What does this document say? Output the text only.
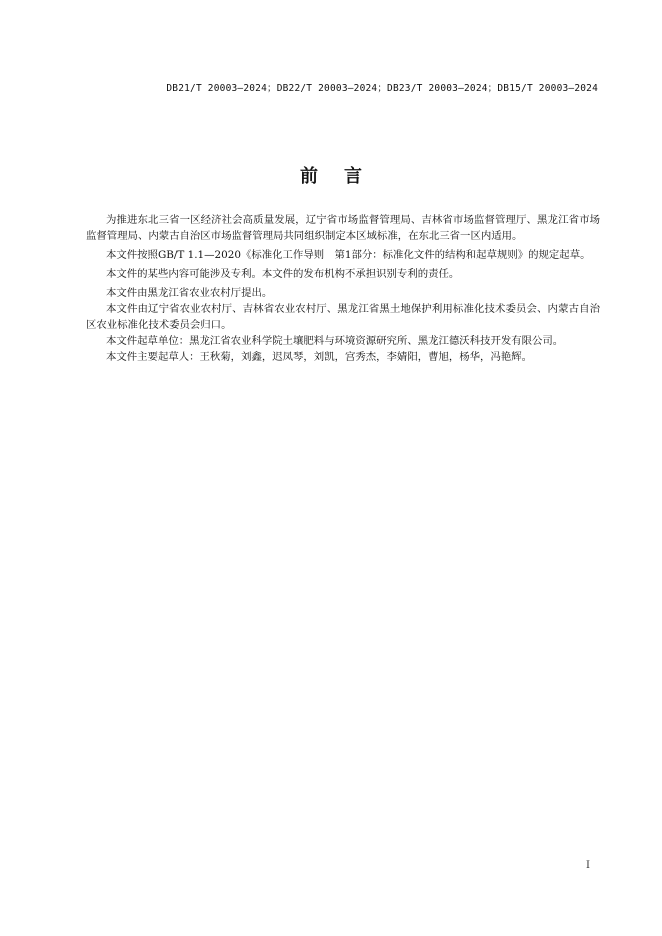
DB21/T 20003—2024；DB22/T 20003—2024；DB23/T 20003—2024；DB15/T 20003—2024
前言

为推进东北三省一区经济社会高质量发展，辽宁省市场监督管理局、吉林省市场监督管理厅、黑龙江省市场监督管理局、内蒙古自治区市场监督管理局共同组织制定本区域标准，在东北三省一区内适用。

本文件按照GB/T 1.1—2020《标准化工作导则　第1部分：标准化文件的结构和起草规则》的规定起草。

本文件的某些内容可能涉及专利。本文件的发布机构不承担识别专利的责任。

本文件由黑龙江省农业农村厅提出。

本文件由辽宁省农业农村厅、吉林省农业农村厅、黑龙江省黑土地保护利用标准化技术委员会、内蒙古自治区农业标准化技术委员会归口。

本文件起草单位：黑龙江省农业科学院土壤肥料与环境资源研究所、黑龙江德沃科技开发有限公司。

本文件主要起草人：王秋菊，刘鑫，迟凤琴，刘凯，宫秀杰，李婧阳，曹旭，杨华，冯艳辉。

I
